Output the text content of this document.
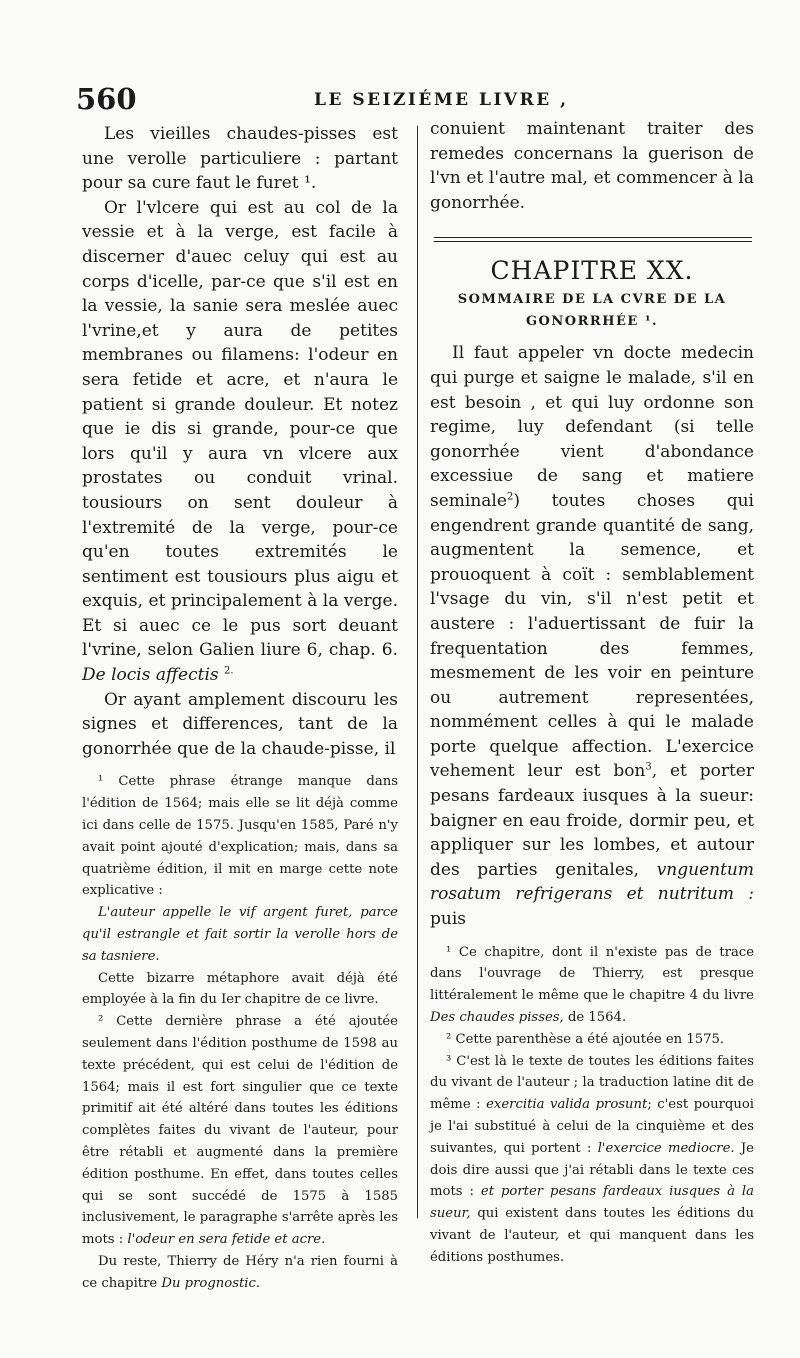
560	LE SEIZIÉME LIVRE ,

Les vieilles chaudes-pisses est une verolle particuliere : partant pour sa cure faut le furet ¹.

Or l'vlcere qui est au col de la vessie et à la verge, est facile à discerner d'auec celuy qui est au corps d'icelle, par-ce que s'il est en la vessie, la sanie sera meslée auec l'vrine,et y aura de petites membranes ou filamens: l'odeur en sera fetide et acre, et n'aura le patient si grande douleur. Et notez que ie dis si grande, pour-ce que lors qu'il y aura vn vlcere aux prostates ou conduit vrinal. tousiours on sent douleur à l'extremité de la verge, pour-ce qu'en toutes extremités le sentiment est tousiours plus aigu et exquis, et principalement à la verge. Et si auec ce le pus sort deuant l'vrine, selon Galien liure 6, chap. 6. De locis affectis $^{2.}$

Or ayant amplement discouru les signes et differences, tant de la gonorrhée que de la chaude-pisse, il

¹ Cette phrase étrange manque dans l'édition de 1564; mais elle se lit déjà comme ici dans celle de 1575. Jusqu'en 1585, Paré n'y avait point ajouté d'explication; mais, dans sa quatrième édition, il mit en marge cette note explicative :

L'auteur appelle le vif argent furet, parce qu'il estrangle et fait sortir la verolle hors de sa tasniere.

Cette bizarre métaphore avait déjà été employée à la fin du Ier chapitre de ce livre.

² Cette dernière phrase a été ajoutée seulement dans l'édition posthume de 1598 au texte précédent, qui est celui de l'édition de 1564; mais il est fort singulier que ce texte primitif ait été altéré dans toutes les éditions complètes faites du vivant de l'auteur, pour être rétabli et augmenté dans la première édition posthume. En effet, dans toutes celles qui se sont succédé de 1575 à 1585 inclusivement, le paragraphe s'arrête après les mots : l'odeur en sera fetide et acre.

Du reste, Thierry de Héry n'a rien fourni à ce chapitre Du prognostic.

conuient maintenant traiter des remedes concernans la guerison de l'vn et l'autre mal, et commencer à la gonorrhée.

CHAPITRE XX.
SOMMAIRE DE LA CVRE DE LA
GONORRHÉE ¹.

Il faut appeler vn docte medecin qui purge et saigne le malade, s'il en est besoin , et qui luy ordonne son regime, luy defendant (si telle gonorrhée vient d'abondance excessiue de sang et matiere seminale$^2$) toutes choses qui engendrent grande quantité de sang, augmentent la semence, et prouoquent à coït : semblablement l'vsage du vin, s'il n'est petit et austere : l'aduertissant de fuir la frequentation des femmes, mesmement de les voir en peinture ou autrement representées, nommément celles à qui le malade porte quelque affection. L'exercice vehement leur est bon$^3$, et porter pesans fardeaux iusques à la sueur: baigner en eau froide, dormir peu, et appliquer sur les lombes, et autour des parties genitales, vnguentum rosatum refrigerans et nutritum : puis

¹ Ce chapitre, dont il n'existe pas de trace dans l'ouvrage de Thierry, est presque littéralement le même que le chapitre 4 du livre Des chaudes pisses, de 1564.

² Cette parenthèse a été ajoutée en 1575.

³ C'est là le texte de toutes les éditions faites du vivant de l'auteur ; la traduction latine dit de même : exercitia valida prosunt; c'est pourquoi je l'ai substitué à celui de la cinquième et des suivantes, qui portent : l'exercice mediocre. Je dois dire aussi que j'ai rétabli dans le texte ces mots : et porter pesans fardeaux iusques à la sueur, qui existent dans toutes les éditions du vivant de l'auteur, et qui manquent dans les éditions posthumes.
